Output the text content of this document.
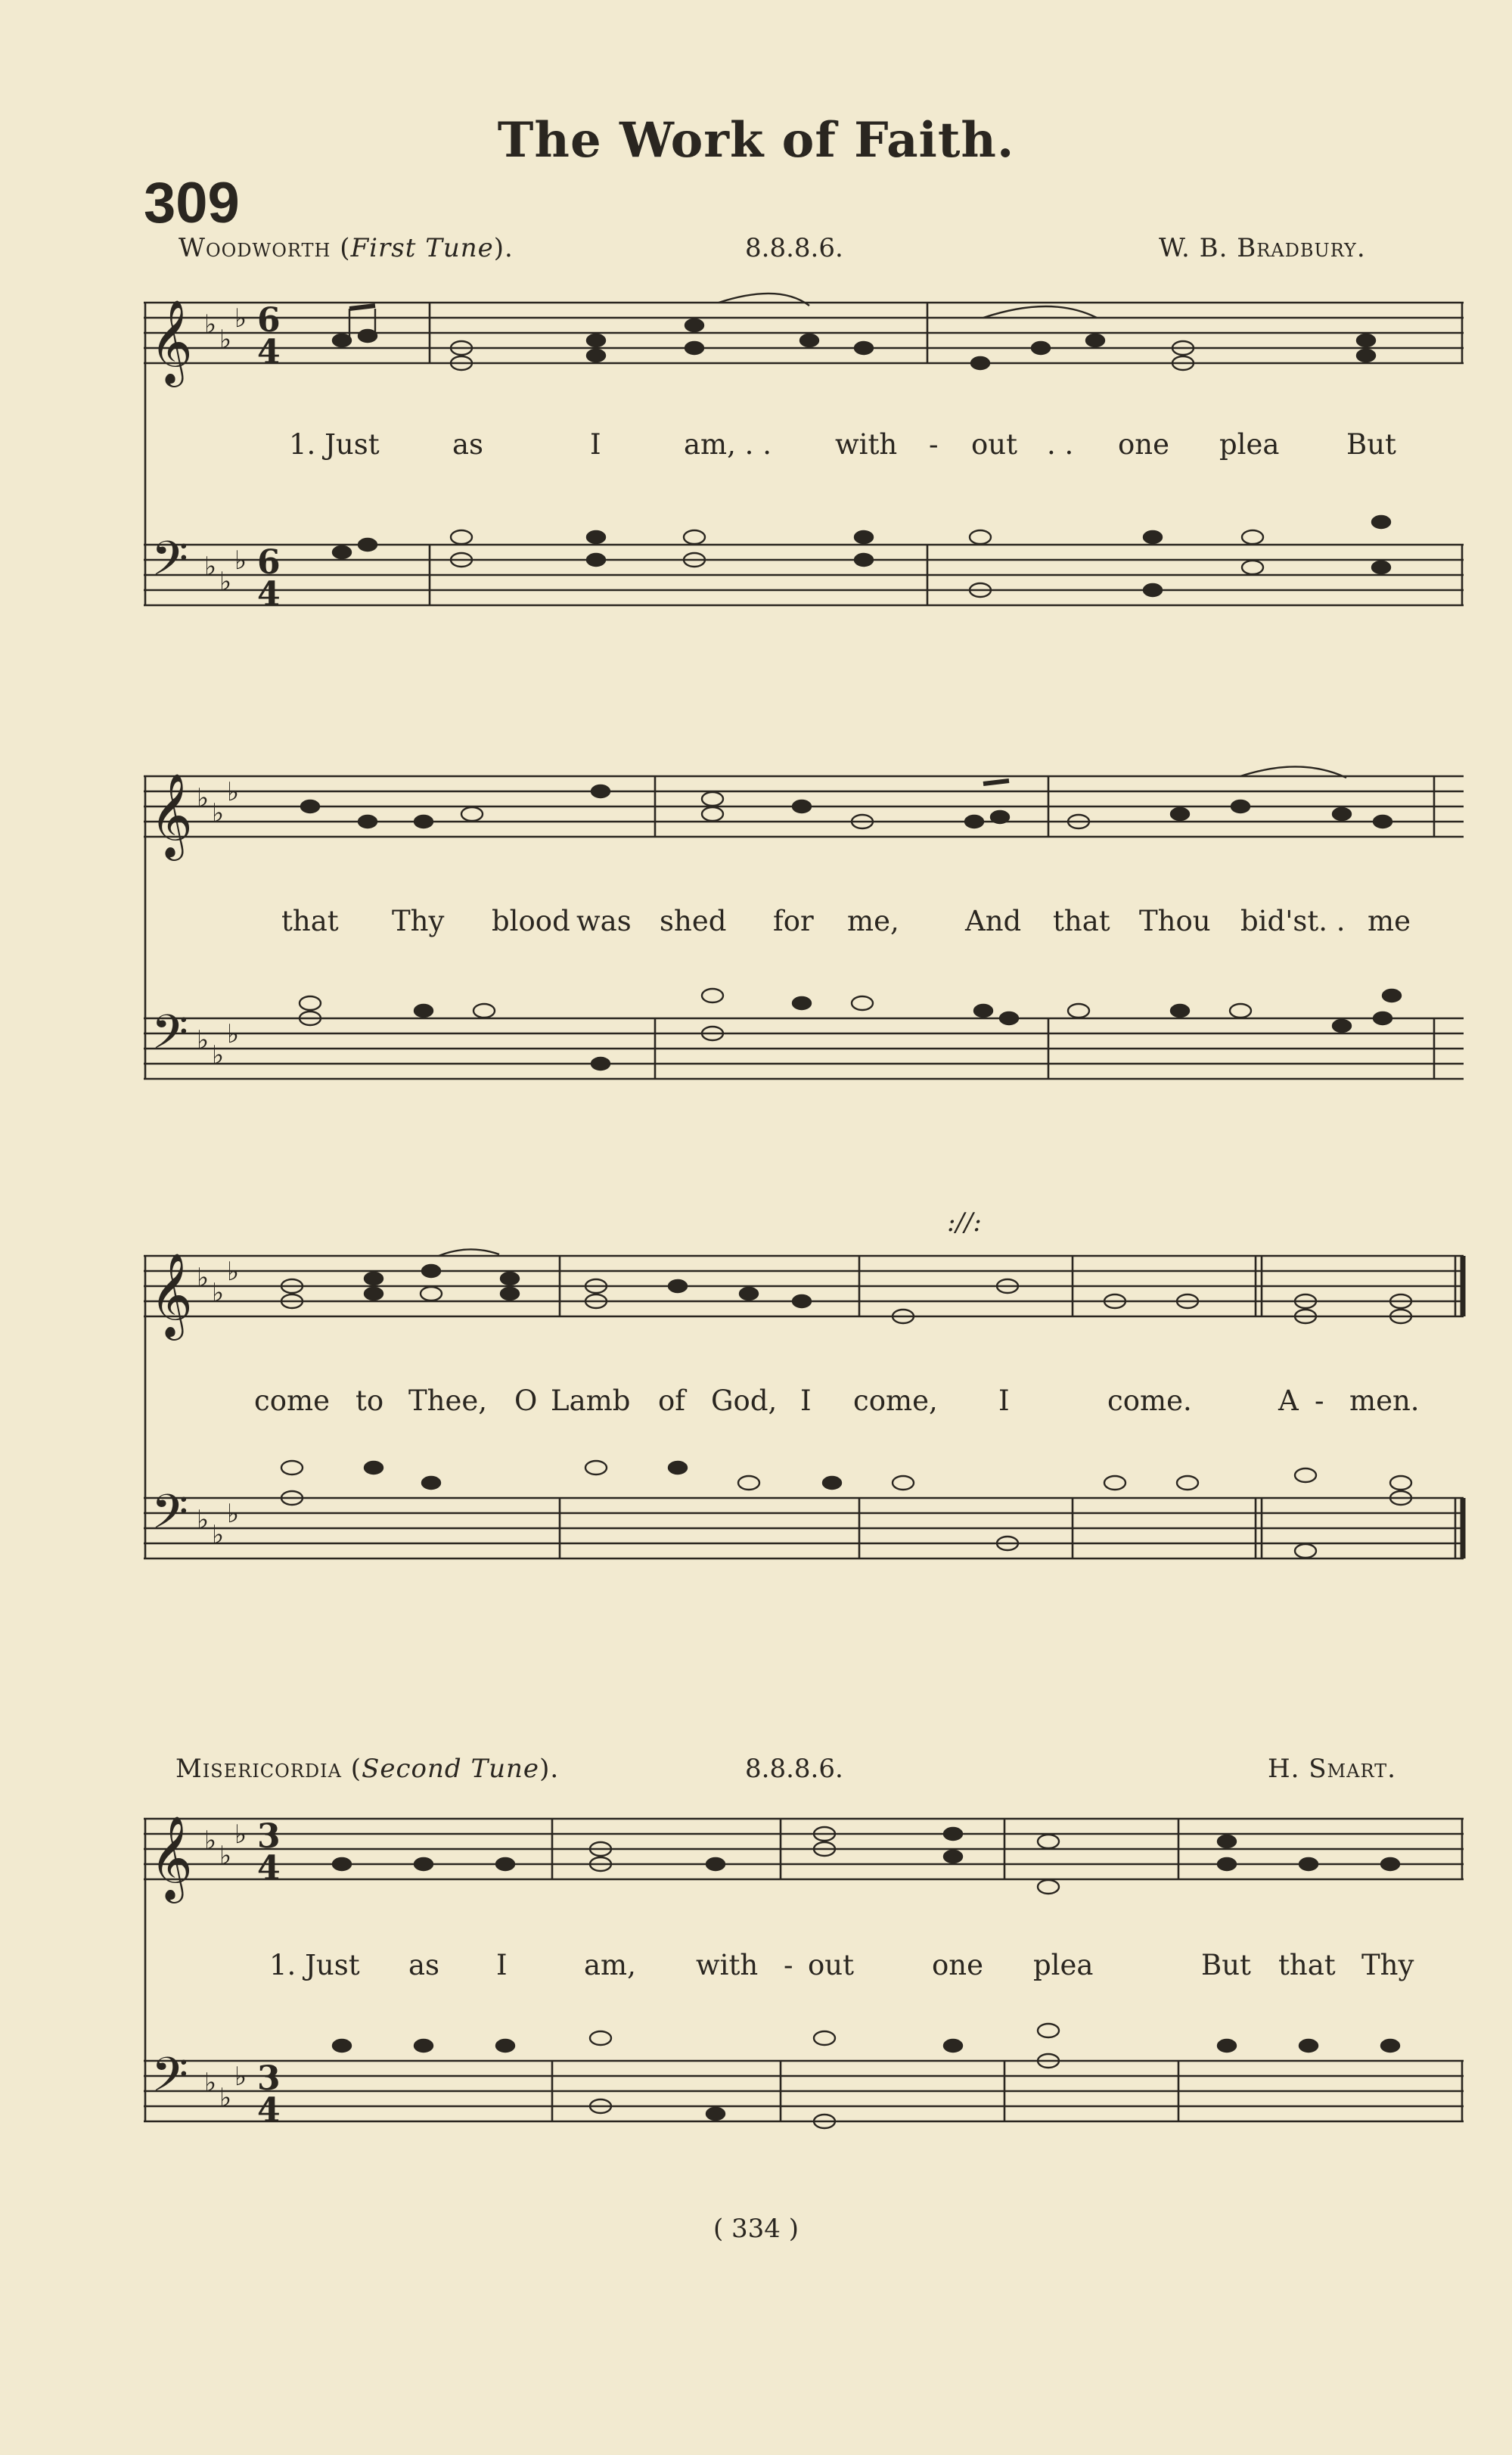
The Work of Faith.
309
Woodworth (First Tune).	8.8.8.6.	W. B. Bradbury.
𝄞
𝄢
♭ ♭
♭
♭ ♭
♭
6
4
6
4
1. Just	as	I	am, . . with - out . . one plea But
𝄞
𝄢
♭ ♭
♭
♭ ♭
♭
that Thy blood was shed for me, And that Thou bid'st. . me
://:
𝄞
𝄢
♭ ♭
♭
♭ ♭
♭
come to Thee, O Lamb of God, I come, I	come.	A - men.
Misericordia (Second Tune).	8.8.8.6.	H. Smart.
𝄞
𝄢
♭ ♭
♭
♭ ♭
♭
3
4
3
4
1. Just as I	am, with - out	one plea	But that Thy
( 334 )
